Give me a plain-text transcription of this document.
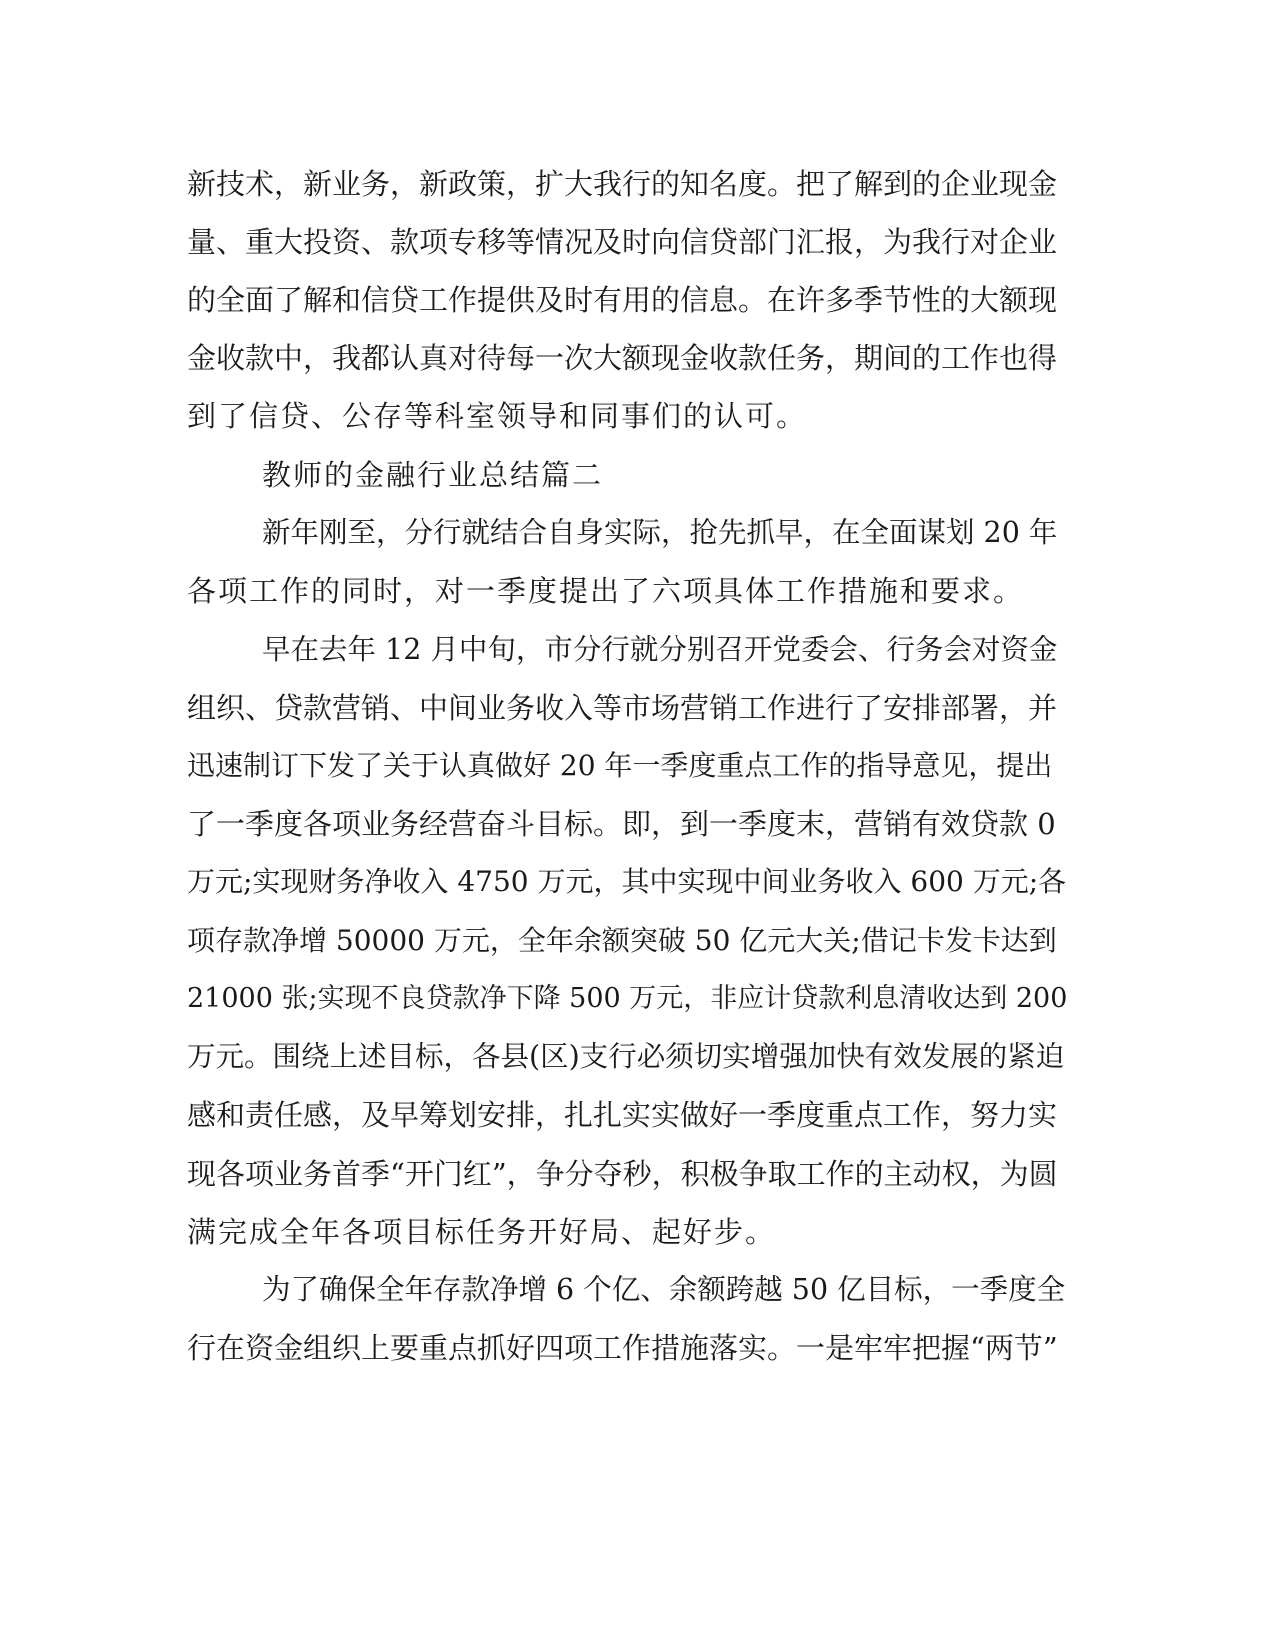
新技术，新业务，新政策，扩大我行的知名度。把了解到的企业现金
量、重大投资、款项专移等情况及时向信贷部门汇报，为我行对企业
的全面了解和信贷工作提供及时有用的信息。在许多季节性的大额现
金收款中，我都认真对待每一次大额现金收款任务，期间的工作也得
到了信贷、公存等科室领导和同事们的认可。
教师的金融行业总结篇二
新年刚至，分行就结合自身实际，抢先抓早，在全面谋划 20 年
各项工作的同时，对一季度提出了六项具体工作措施和要求。
早在去年 12 月中旬，市分行就分别召开党委会、行务会对资金
组织、贷款营销、中间业务收入等市场营销工作进行了安排部署，并
迅速制订下发了关于认真做好 20 年一季度重点工作的指导意见，提出
了一季度各项业务经营奋斗目标。即，到一季度末，营销有效贷款 0
万元;实现财务净收入 4750 万元，其中实现中间业务收入 600 万元;各
项存款净增 50000 万元，全年余额突破 50 亿元大关;借记卡发卡达到
21000 张;实现不良贷款净下降 500 万元，非应计贷款利息清收达到 200
万元。围绕上述目标，各县(区)支行必须切实增强加快有效发展的紧迫
感和责任感，及早筹划安排，扎扎实实做好一季度重点工作，努力实
现各项业务首季“开门红”，争分夺秒，积极争取工作的主动权，为圆
满完成全年各项目标任务开好局、起好步。
为了确保全年存款净增 6 个亿、余额跨越 50 亿目标，一季度全
行在资金组织上要重点抓好四项工作措施落实。一是牢牢把握“两节”
